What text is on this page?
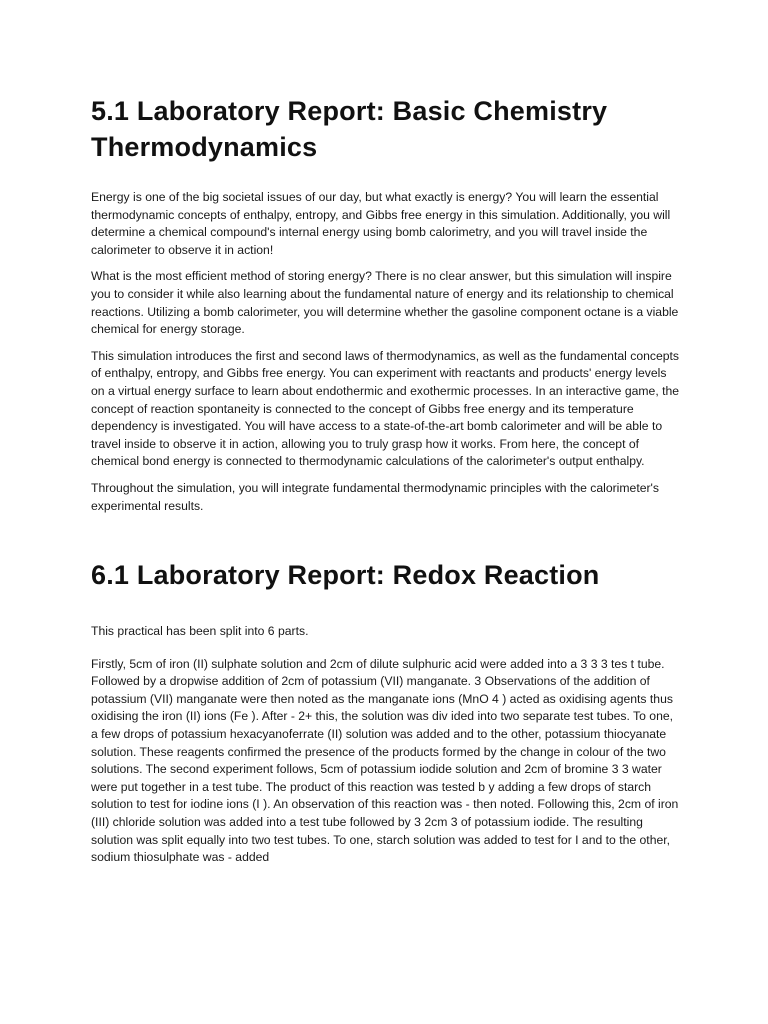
5.1 Laboratory Report: Basic Chemistry Thermodynamics

Energy is one of the big societal issues of our day, but what exactly is energy? You will learn the essential thermodynamic concepts of enthalpy, entropy, and Gibbs free energy in this simulation. Additionally, you will determine a chemical compound's internal energy using bomb calorimetry, and you will travel inside the calorimeter to observe it in action!

What is the most efficient method of storing energy? There is no clear answer, but this simulation will inspire you to consider it while also learning about the fundamental nature of energy and its relationship to chemical reactions. Utilizing a bomb calorimeter, you will determine whether the gasoline component octane is a viable chemical for energy storage.

This simulation introduces the first and second laws of thermodynamics, as well as the fundamental concepts of enthalpy, entropy, and Gibbs free energy. You can experiment with reactants and products' energy levels on a virtual energy surface to learn about endothermic and exothermic processes. In an interactive game, the concept of reaction spontaneity is connected to the concept of Gibbs free energy and its temperature dependency is investigated. You will have access to a state-of-the-art bomb calorimeter and will be able to travel inside to observe it in action, allowing you to truly grasp how it works. From here, the concept of chemical bond energy is connected to thermodynamic calculations of the calorimeter's output enthalpy.

Throughout the simulation, you will integrate fundamental thermodynamic principles with the calorimeter's experimental results.

6.1 Laboratory Report: Redox Reaction

This practical has been split into 6 parts.

Firstly, 5cm of iron (II) sulphate solution and 2cm of dilute sulphuric acid were added into a 3 3 3 tes t tube. Followed by a dropwise addition of 2cm of potassium (VII) manganate. 3 Observations of the addition of potassium (VII) manganate were then noted as the manganate ions (MnO 4 ) acted as oxidising agents thus oxidising the iron (II) ions (Fe ). After - 2+ this, the solution was div ided into two separate test tubes. To one, a few drops of potassium hexacyanoferrate (II) solution was added and to the other, potassium thiocyanate solution. These reagents confirmed the presence of the products formed by the change in colour of the two solutions. The second experiment follows, 5cm of potassium iodide solution and 2cm of bromine 3 3 water were put together in a test tube. The product of this reaction was tested b y adding a few drops of starch solution to test for iodine ions (I ). An observation of this reaction was - then noted. Following this, 2cm of iron (III) chloride solution was added into a test tube followed by 3 2cm 3 of potassium iodide. The resulting solution was split equally into two test tubes. To one, starch solution was added to test for I and to the other, sodium thiosulphate was - added
